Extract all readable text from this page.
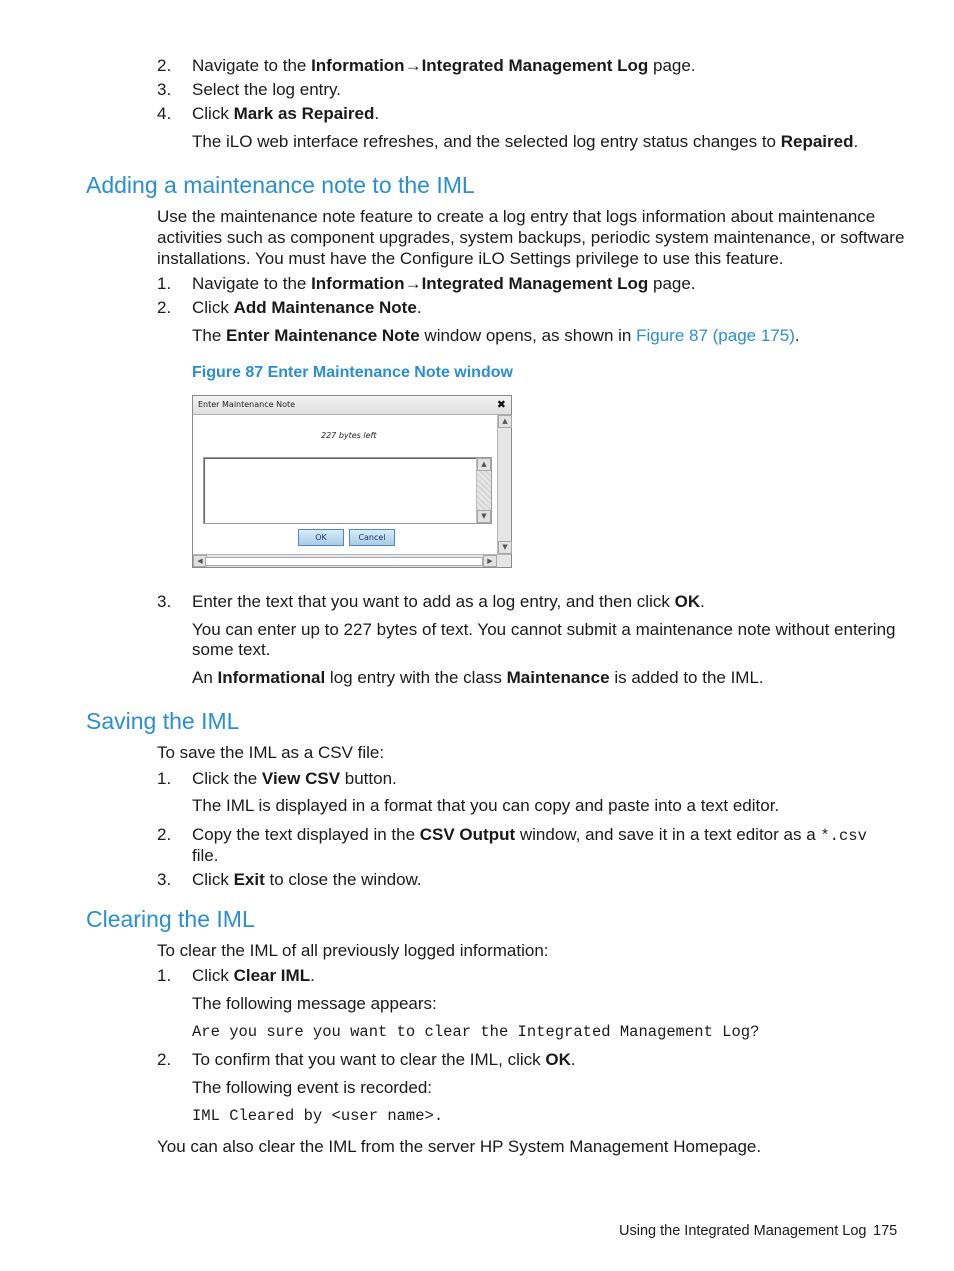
2. Navigate to the Information→Integrated Management Log page.
3. Select the log entry.
4. Click Mark as Repaired.
The iLO web interface refreshes, and the selected log entry status changes to Repaired.
Adding a maintenance note to the IML
Use the maintenance note feature to create a log entry that logs information about maintenance
activities such as component upgrades, system backups, periodic system maintenance, or software
installations. You must have the Configure iLO Settings privilege to use this feature.
1. Navigate to the Information→Integrated Management Log page.
2. Click Add Maintenance Note.
The Enter Maintenance Note window opens, as shown in Figure 87 (page 175).
Figure 87 Enter Maintenance Note window
Enter Maintenance Note	✖
227 bytes left
▲
▼
OK	Cancel
▲
▼
◀	▶
3. Enter the text that you want to add as a log entry, and then click OK.
You can enter up to 227 bytes of text. You cannot submit a maintenance note without entering
some text.
An Informational log entry with the class Maintenance is added to the IML.
Saving the IML
To save the IML as a CSV file:
1. Click the View CSV button.
The IML is displayed in a format that you can copy and paste into a text editor.
2. Copy the text displayed in the CSV Output window, and save it in a text editor as a *.csv
file.
3. Click Exit to close the window.
Clearing the IML
To clear the IML of all previously logged information:
1. Click Clear IML.
The following message appears:
Are you sure you want to clear the Integrated Management Log?
2. To confirm that you want to clear the IML, click OK.
The following event is recorded:
IML Cleared by <user name>.
You can also clear the IML from the server HP System Management Homepage.
Using the Integrated Management Log 175
